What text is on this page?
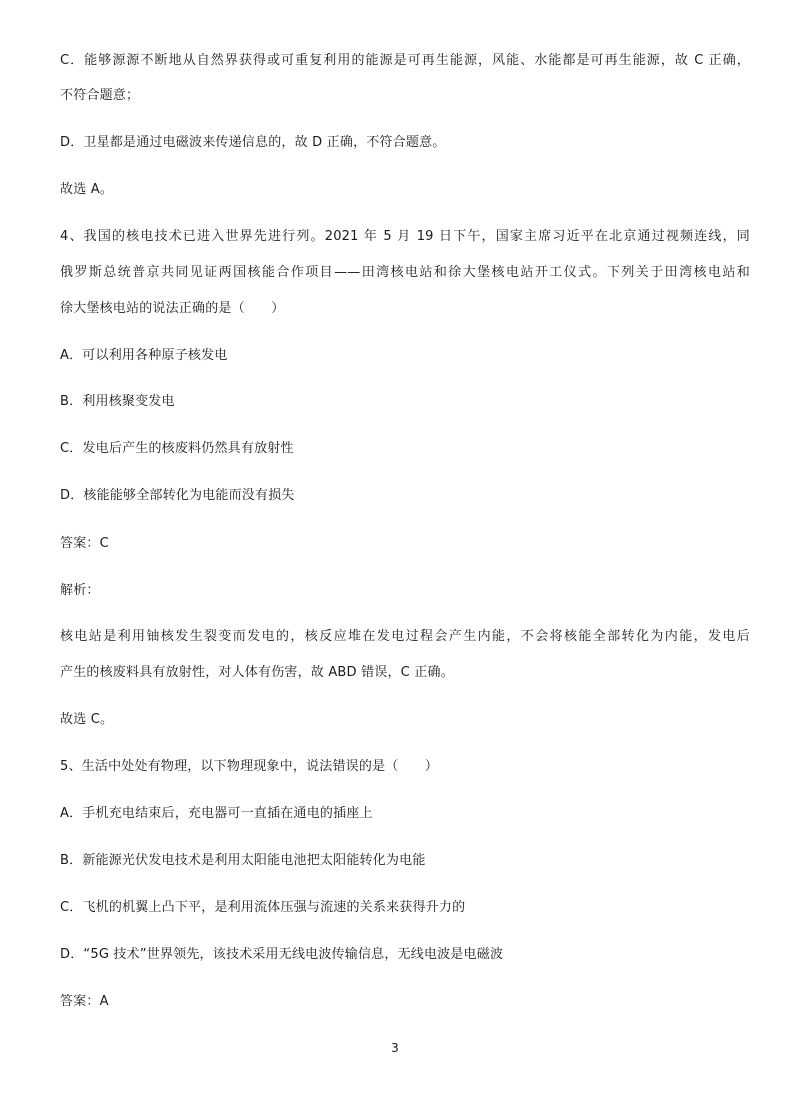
C．能够源源不断地从自然界获得或可重复利用的能源是可再生能源，风能、水能都是可再生能源，故 C 正确，
不符合题意；
D．卫星都是通过电磁波来传递信息的，故 D 正确，不符合题意。
故选 A。
4、我国的核电技术已进入世界先进行列。2021 年 5 月 19 日下午，国家主席习近平在北京通过视频连线，同
俄罗斯总统普京共同见证两国核能合作项目——田湾核电站和徐大堡核电站开工仪式。下列关于田湾核电站和
徐大堡核电站的说法正确的是（　　）
A．可以利用各种原子核发电
B．利用核聚变发电
C．发电后产生的核废料仍然具有放射性
D．核能能够全部转化为电能而没有损失
答案：C
解析：
核电站是利用铀核发生裂变而发电的，核反应堆在发电过程会产生内能，不会将核能全部转化为内能，发电后
产生的核废料具有放射性，对人体有伤害，故 ABD 错误，C 正确。
故选 C。
5、生活中处处有物理，以下物理现象中，说法错误的是（　　）
A．手机充电结束后，充电器可一直插在通电的插座上
B．新能源光伏发电技术是利用太阳能电池把太阳能转化为电能
C．飞机的机翼上凸下平，是利用流体压强与流速的关系来获得升力的
D．“5G 技术”世界领先，该技术采用无线电波传输信息，无线电波是电磁波
答案：A
3
